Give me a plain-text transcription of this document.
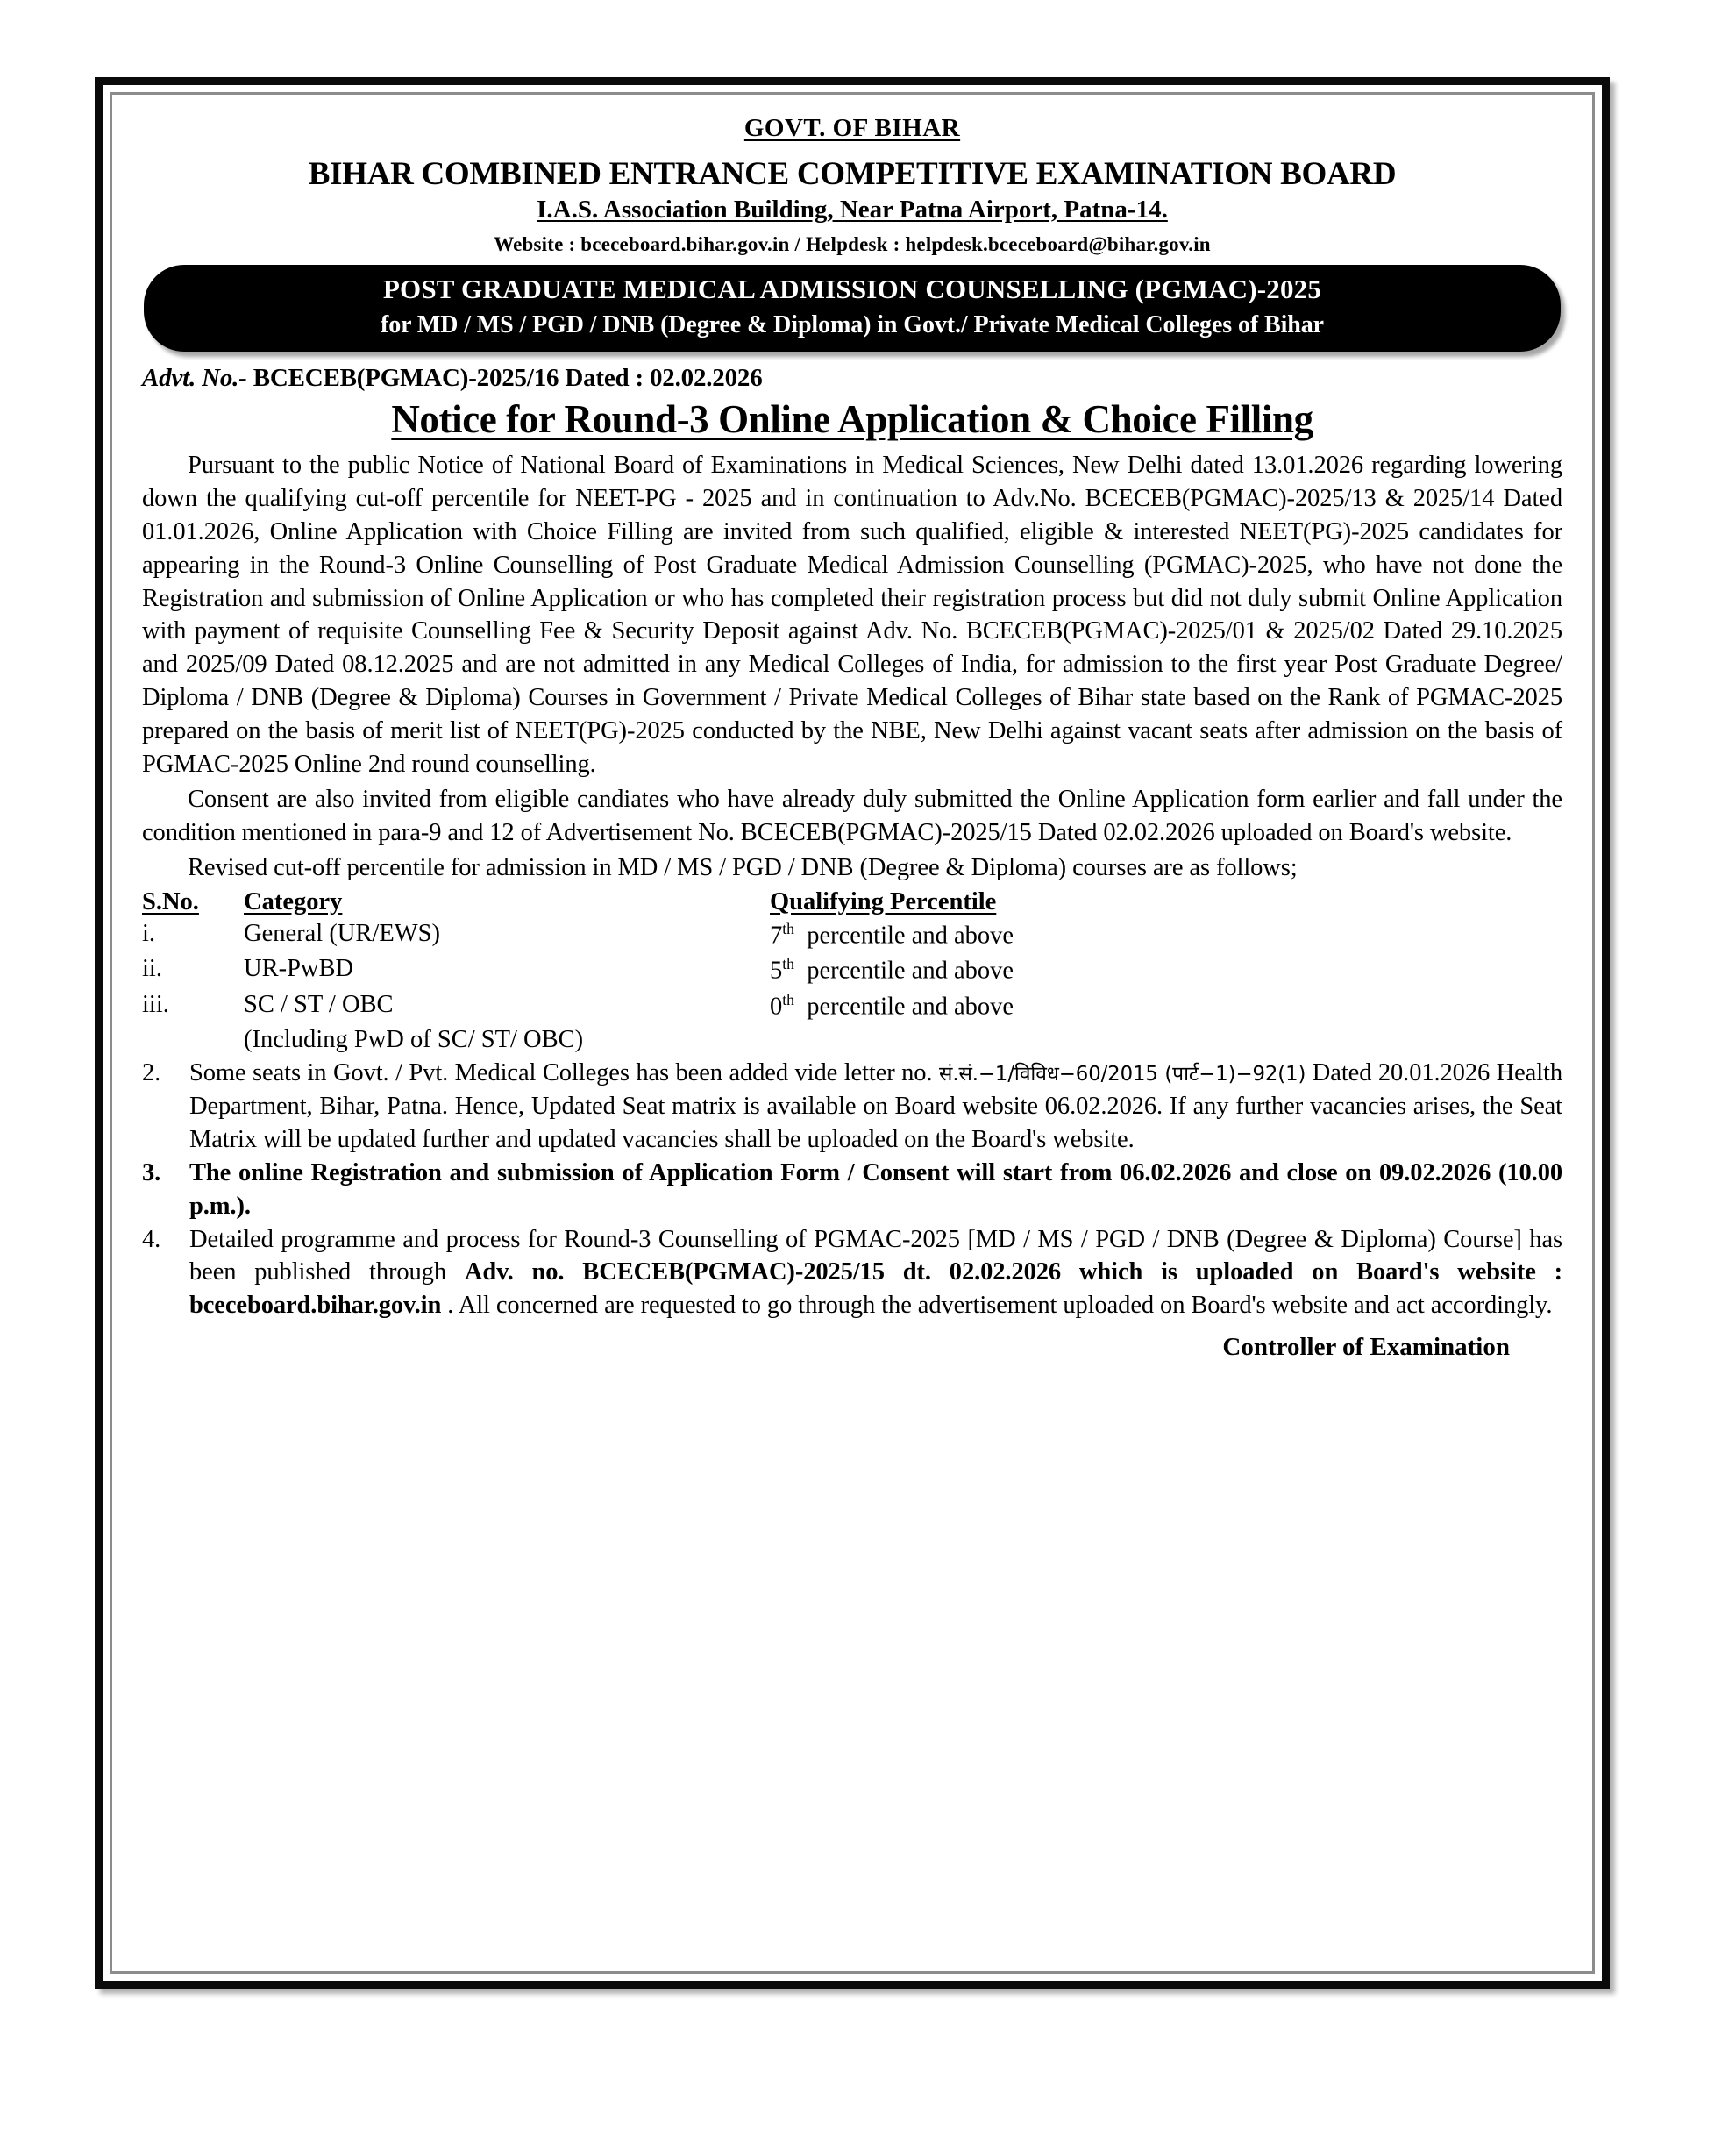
GOVT. OF BIHAR
BIHAR COMBINED ENTRANCE COMPETITIVE EXAMINATION BOARD
I.A.S. Association Building, Near Patna Airport, Patna-14.
Website : bceceboard.bihar.gov.in / Helpdesk : helpdesk.bceceboard@bihar.gov.in
POST GRADUATE MEDICAL ADMISSION COUNSELLING (PGMAC)-2025
for MD / MS / PGD / DNB (Degree & Diploma) in Govt./ Private Medical Colleges of Bihar
Advt. No.- BCECEB(PGMAC)-2025/16 Dated : 02.02.2026
Notice for Round-3 Online Application & Choice Filling

Pursuant to the public Notice of National Board of Examinations in Medical Sciences, New Delhi dated 13.01.2026 regarding lowering down the qualifying cut-off percentile for NEET-PG - 2025 and in continuation to Adv.No. BCECEB(PGMAC)-2025/13 & 2025/14 Dated 01.01.2026, Online Application with Choice Filling are invited from such qualified, eligible & interested NEET(PG)-2025 candidates for appearing in the Round-3 Online Counselling of Post Graduate Medical Admission Counselling (PGMAC)-2025, who have not done the Registration and submission of Online Application or who has completed their registration process but did not duly submit Online Application with payment of requisite Counselling Fee & Security Deposit against Adv. No. BCECEB(PGMAC)-2025/01 & 2025/02 Dated 29.10.2025 and 2025/09 Dated 08.12.2025 and are not admitted in any Medical Colleges of India, for admission to the first year Post Graduate Degree/ Diploma / DNB (Degree & Diploma) Courses in Government / Private Medical Colleges of Bihar state based on the Rank of PGMAC-2025 prepared on the basis of merit list of NEET(PG)-2025 conducted by the NBE, New Delhi against vacant seats after admission on the basis of PGMAC-2025 Online 2nd round counselling.

Consent are also invited from eligible candiates who have already duly submitted the Online Application form earlier and fall under the condition mentioned in para-9 and 12 of Advertisement No. BCECEB(PGMAC)-2025/15 Dated 02.02.2026 uploaded on Board's website.

Revised cut-off percentile for admission in MD / MS / PGD / DNB (Degree & Diploma) courses are as follows;

S.No.	Category	Qualifying Percentile
i.	General (UR/EWS)	7th percentile and above
ii.	UR-PwBD	5th percentile and above
iii.	SC / ST / OBC	0th percentile and above
	(Including PwD of SC/ ST/ OBC)	
2.	Some seats in Govt. / Pvt. Medical Colleges has been added vide letter no. सं.सं.−1/विविध−60/2015 (पार्ट−1)−92(1) Dated 20.01.2026 Health Department, Bihar, Patna. Hence, Updated Seat matrix is available on Board website 06.02.2026. If any further vacancies arises, the Seat Matrix will be updated further and updated vacancies shall be uploaded on the Board's website.
3.	The online Registration and submission of Application Form / Consent will start from 06.02.2026 and close on 09.02.2026 (10.00 p.m.).
4.	Detailed programme and process for Round-3 Counselling of PGMAC-2025 [MD / MS / PGD / DNB (Degree & Diploma) Course] has been published through Adv. no. BCECEB(PGMAC)-2025/15 dt. 02.02.2026 which is uploaded on Board's website : bceceboard.bihar.gov.in . All concerned are requested to go through the advertisement uploaded on Board's website and act accordingly.
Controller of Examination
